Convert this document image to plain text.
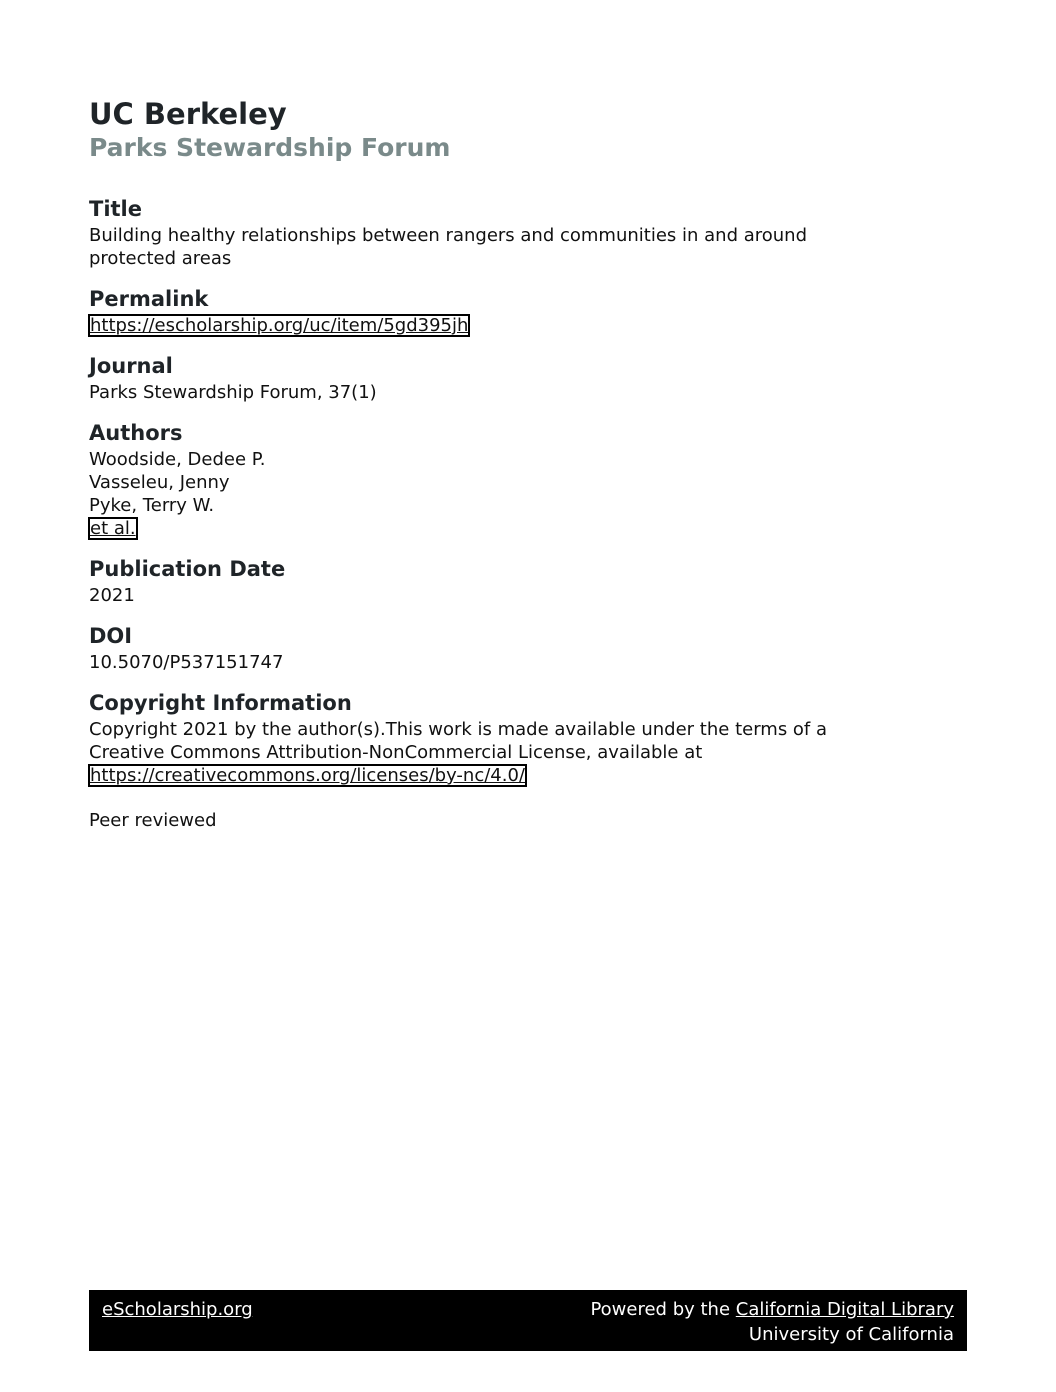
UC Berkeley
Parks Stewardship Forum
Title
Building healthy relationships between rangers and communities in and around
protected areas
Permalink
https://escholarship.org/uc/item/5gd395jh
Journal
Parks Stewardship Forum, 37(1)
Authors
Woodside, Dedee P.
Vasseleu, Jenny
Pyke, Terry W.
et al.
Publication Date
2021
DOI
10.5070/P537151747
Copyright Information
Copyright 2021 by the author(s).This work is made available under the terms of a
Creative Commons Attribution-NonCommercial License, available at
https://creativecommons.org/licenses/by-nc/4.0/
Peer reviewed
eScholarship.org	Powered by the California Digital Library
University of California
